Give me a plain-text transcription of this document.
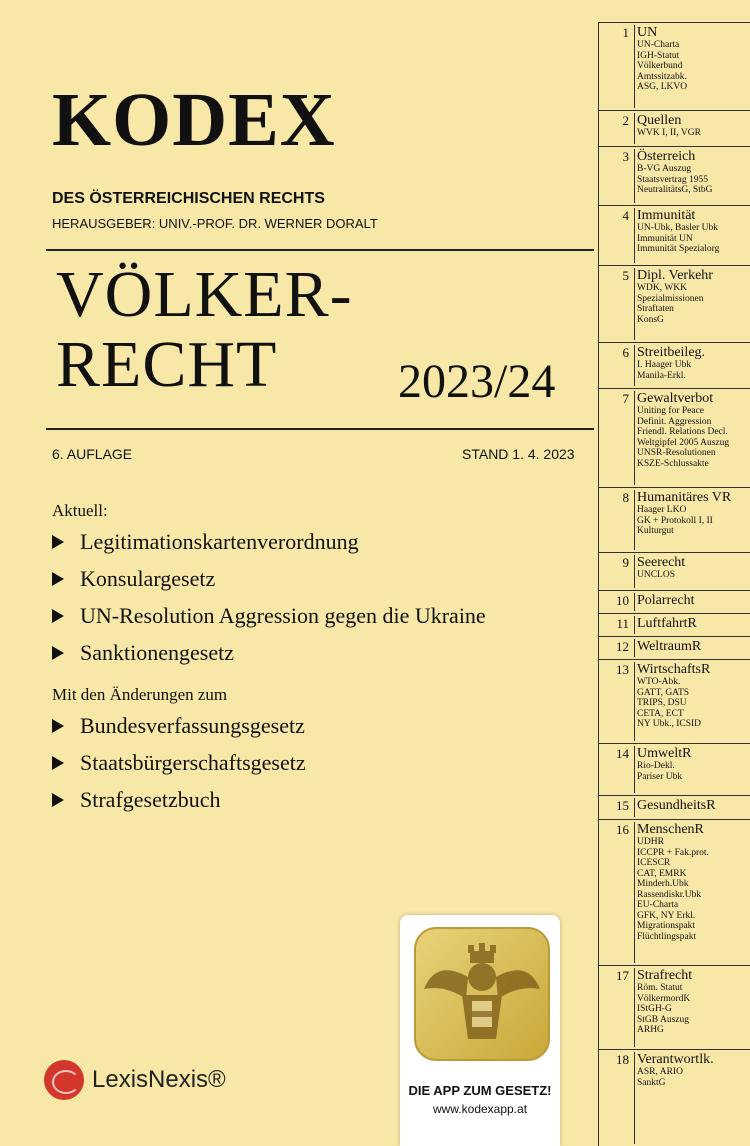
KODEX
DES ÖSTERREICHISCHEN RECHTS
HERAUSGEBER: UNIV.-PROF. DR. WERNER DORALT
VÖLKER-
RECHT	2023/24
6. AUFLAGE	STAND 1. 4. 2023
Aktuell:
Legitimationskartenverordnung
Konsulargesetz
UN-Resolution Aggression gegen die Ukraine
Sanktionengesetz
Mit den Änderungen zum
Bundesverfassungsgesetz
Staatsbürgerschaftsgesetz
Strafgesetzbuch
LexisNexis®	DIE APP ZUM GESETZ!
www.kodexapp.at
1 UN
UN-Charta
IGH-Statut
Völkerbund
Amtssitzabk.
ASG, LKVO
2 Quellen
WVK I, II, VGR
3 Österreich
B-VG Auszug
Staatsvertrag 1955
NeutralitätsG, StbG
4 Immunität
UN-Übk, Basler Übk
Immunität UN
Immunität Spezialorg
5 Dipl. Verkehr
WDK, WKK
Spezialmissionen
Straftaten
KonsG
6 Streitbeileg.
I. Haager Übk
Manila-Erkl.
7 Gewaltverbot
Uniting for Peace
Definit. Aggression
Friendl. Relations Decl.
Weltgipfel 2005 Auszug
UNSR-Resolutionen
KSZE-Schlussakte
8 Humanitäres VR
Haager LKO
GK + Protokoll I, II
Kulturgut
9 Seerecht
UNCLOS
10 Polarrecht
11 LuftfahrtR
12 WeltraumR
13 WirtschaftsR
WTO-Abk.
GATT, GATS
TRIPS, DSU
CETA, ECT
NY Übk., ICSID
14 UmweltR
Rio-Dekl.
Pariser Übk
15 GesundheitsR
16 MenschenR
UDHR
ICCPR + Fak.prot.
ICESCR
CAT, EMRK
Minderh.Übk
Rassendiskr.Übk
EU-Charta
GFK, NY Erkl.
Migrationspakt
Flüchtlingspakt
17 Strafrecht
Röm. Statut
VölkermordK
IStGH-G
StGB Auszug
ARHG
18 Verantwortlk.
ASR, ARIO
SanktG
